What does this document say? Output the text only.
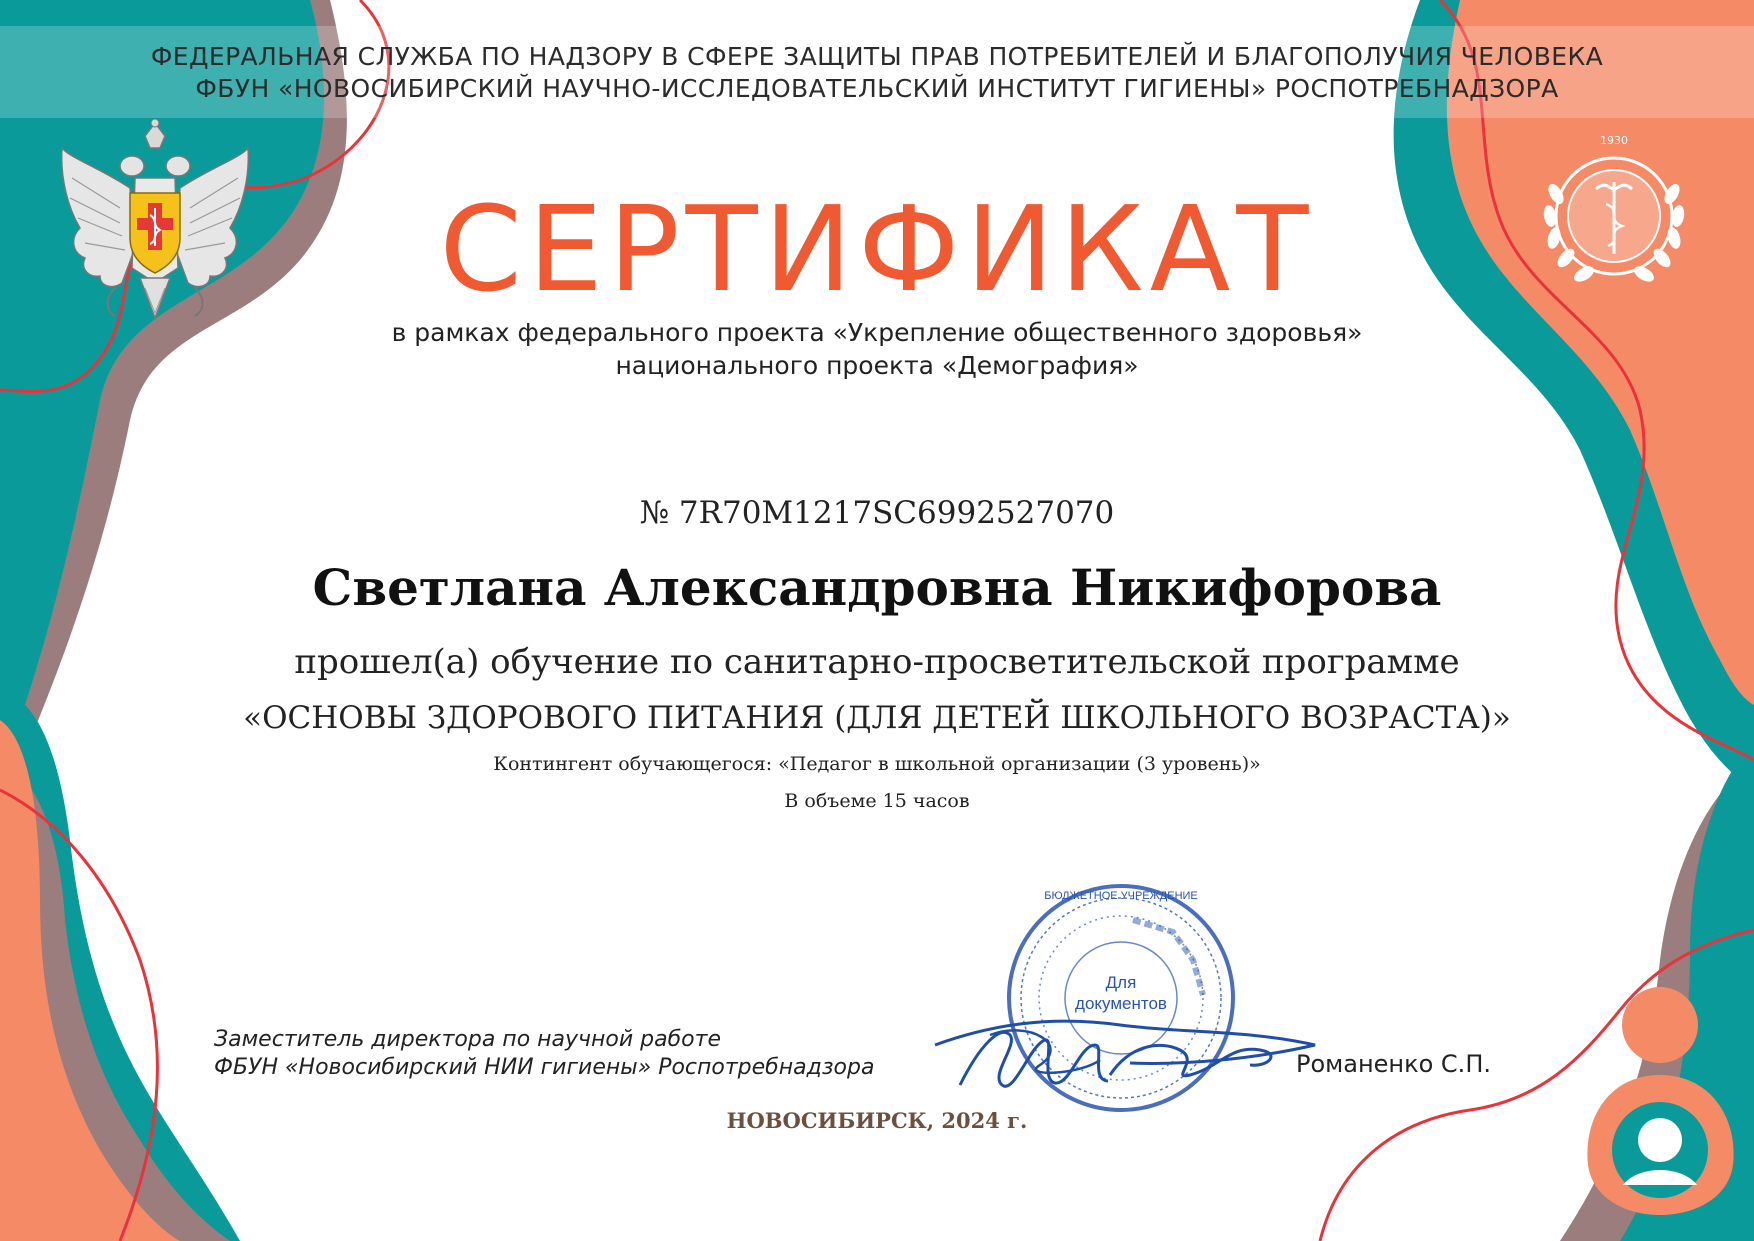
ФЕДЕРАЛЬНАЯ СЛУЖБА ПО НАДЗОРУ В СФЕРЕ ЗАЩИТЫ ПРАВ ПОТРЕБИТЕЛЕЙ И БЛАГОПОЛУЧИЯ ЧЕЛОВЕКА

ФБУН «НОВОСИБИРСКИЙ НАУЧНО-ИССЛЕДОВАТЕЛЬСКИЙ ИНСТИТУТ ГИГИЕНЫ» РОСПОТРЕБНАДЗОРА

1930
СЕРТИФИКАТ

в рамках федерального проекта «Укрепление общественного здоровья»

национального проекта «Демография»

№ 7R70M1217SC6992527070

Светлана Александровна Никифорова

прошел(а) обучение по санитарно-просветительской программе

«ОСНОВЫ ЗДОРОВОГО ПИТАНИЯ (ДЛЯ ДЕТЕЙ ШКОЛЬНОГО ВОЗРАСТА)»

Контингент обучающегося: «Педагог в школьной организации (3 уровень)»

В объеме 15 часов

БЮДЖЕТНОЕ УЧРЕЖДЕНИЕ
Для
документов

Заместитель директора по научной работе

ФБУН «Новосибирский НИИ гигиены» Роспотребнадзора	Романенко С.П.

НОВОСИБИРСК, 2024 г.
